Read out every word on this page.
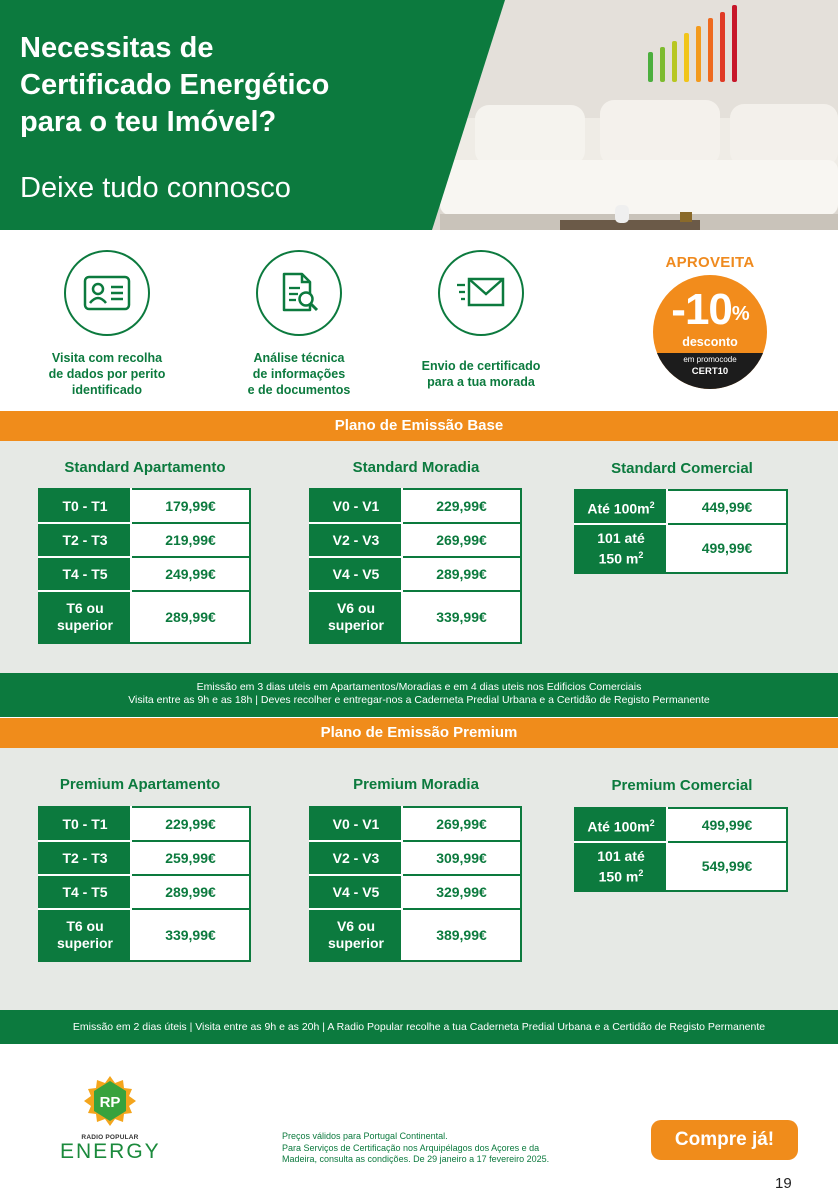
Necessitas de
Certificado Energético
para o teu Imóvel?
Deixe tudo connosco
Visita com recolha
de dados por perito
identificado
Análise técnica
de informações
e de documentos
Envio de certificado
para a tua morada
APROVEITA
-10%
desconto
em promocode
CERT10
Plano de Emissão Base
Standard Apartamento
T0 - T1	179,99€
T2 - T3	219,99€
T4 - T5	249,99€
T6 ou
superior	289,99€
Standard Moradia
V0 - V1	229,99€
V2 - V3	269,99€
V4 - V5	289,99€
V6 ou
superior	339,99€
Standard Comercial
Até $100m^2$	449,99€
101 até
150 $m^2$	499,99€
Emissão em 3 dias uteis em Apartamentos/Moradias e em 4 dias uteis nos Edificios Comerciais
Visita entre as 9h e as 18h | Deves recolher e entregar-nos a Caderneta Predial Urbana e a Certidão de Registo Permanente
Plano de Emissão Premium
Premium Apartamento
T0 - T1	229,99€
T2 - T3	259,99€
T4 - T5	289,99€
T6 ou
superior	339,99€
Premium Moradia
V0 - V1	269,99€
V2 - V3	309,99€
V4 - V5	329,99€
V6 ou
superior	389,99€
Premium Comercial
Até $100m^2$	499,99€
101 até
150 $m^2$	549,99€
Emissão em 2 dias úteis | Visita entre as 9h e as 20h | A Radio Popular recolhe a tua Caderneta Predial Urbana e a Certidão de Registo Permanente
RP
RADIO POPULAR
ENERGY
Preços válidos para Portugal Continental.
Para Serviços de Certificação nos Arquipélagos dos Açores e da
Madeira, consulta as condições. De 29 janeiro a 17 fevereiro 2025.
Compre já!
19
